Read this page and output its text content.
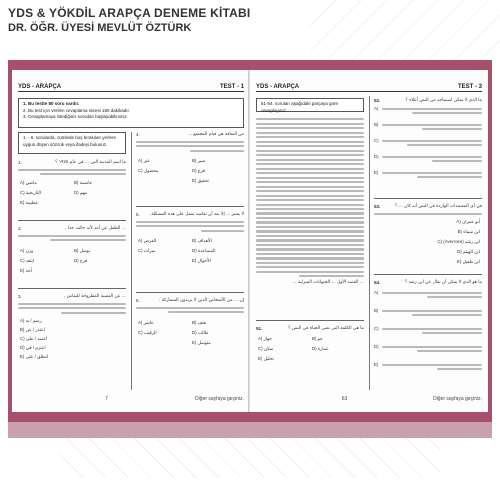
YDS & YÖKDİL ARAPÇA DENEME KİTABI
DR. ÖĞR. ÜYESİ MEVLÜT ÖZTÜRK
YDS - ARAPÇA	TEST - 1
1. Bu testte 80 soru vardır.
2. Bu test için verilen cevaplama süresi 180 dakikadır.
3. Cevaplamaya istediğiniz sorudan başlayabilirsiniz.
1. - 6. sorularda, cümlede boş bırakılan yerlere uygun düşen sözcük veya ifadeyi bulunuz.
1.	ما اسم المدينة التي ... في عام ١٩٧٥ ؟
A) ماضي	B) عاصمة
C) التاريخية	D) مهم
E) عظيمة
2.	... الطفل عن أمه لأنه خائف جدا .
A) وزن	B) توسل
C) ابتعد	D) فرح
E) أخذ
3.	... عن القضية المطروحة للنقاش .
A) رسم / به
B) اعتذر / عن
C) اعتمد / على
D) اعتزم / في
E) انطلق / على
4.	من الثقافة هي قيام المجتمع ...
A) عبر	B) سير
C) محصول	D) قرع
E) تحقيق
5.	لا يعتبر ... إلا بعد أن نقاشه يعمل على هذه المشكلة .
A) الفرص	B) الأهداف
C) ميراث	D) المساعدة
E) الأحوال
6.	إن ... من الأشخاص الذين لا يريدون المشاركة .
A) عاشر	B) هتف
C) الرقيب	D) طالب
E) متوسل
7	Diğer sayfaya geçiniz.
YDS - ARAPÇA	TEST - 3
51-54. soruları aşağıdaki parçaya göre cevaplayınız.
... القصد الأول ... الحيوانات المنزلية ...
51.	ما هي الكلمة التي تعني الحياة في النص ؟
A) جهاز	B) جو
C) سكن	D) عمارة
E) تحليل
52.	ما الذي لا يمكن استنتاجه من النص أعلاه ؟
A)
B)
C)
D)
E)
53.	في أي المعتمدات الواردة في النص أنه كان ... ؟
A) أبو عمران
B) ابن سيناء
C) (Averroes) ابن رشد
D) ابن الهيثم
E) ابن طفيل
54.	ما هو الذي لا يمكن أن يقال عن ابن رشد ؟
A)
B)
C)
D)
E)
63	Diğer sayfaya geçiniz.
